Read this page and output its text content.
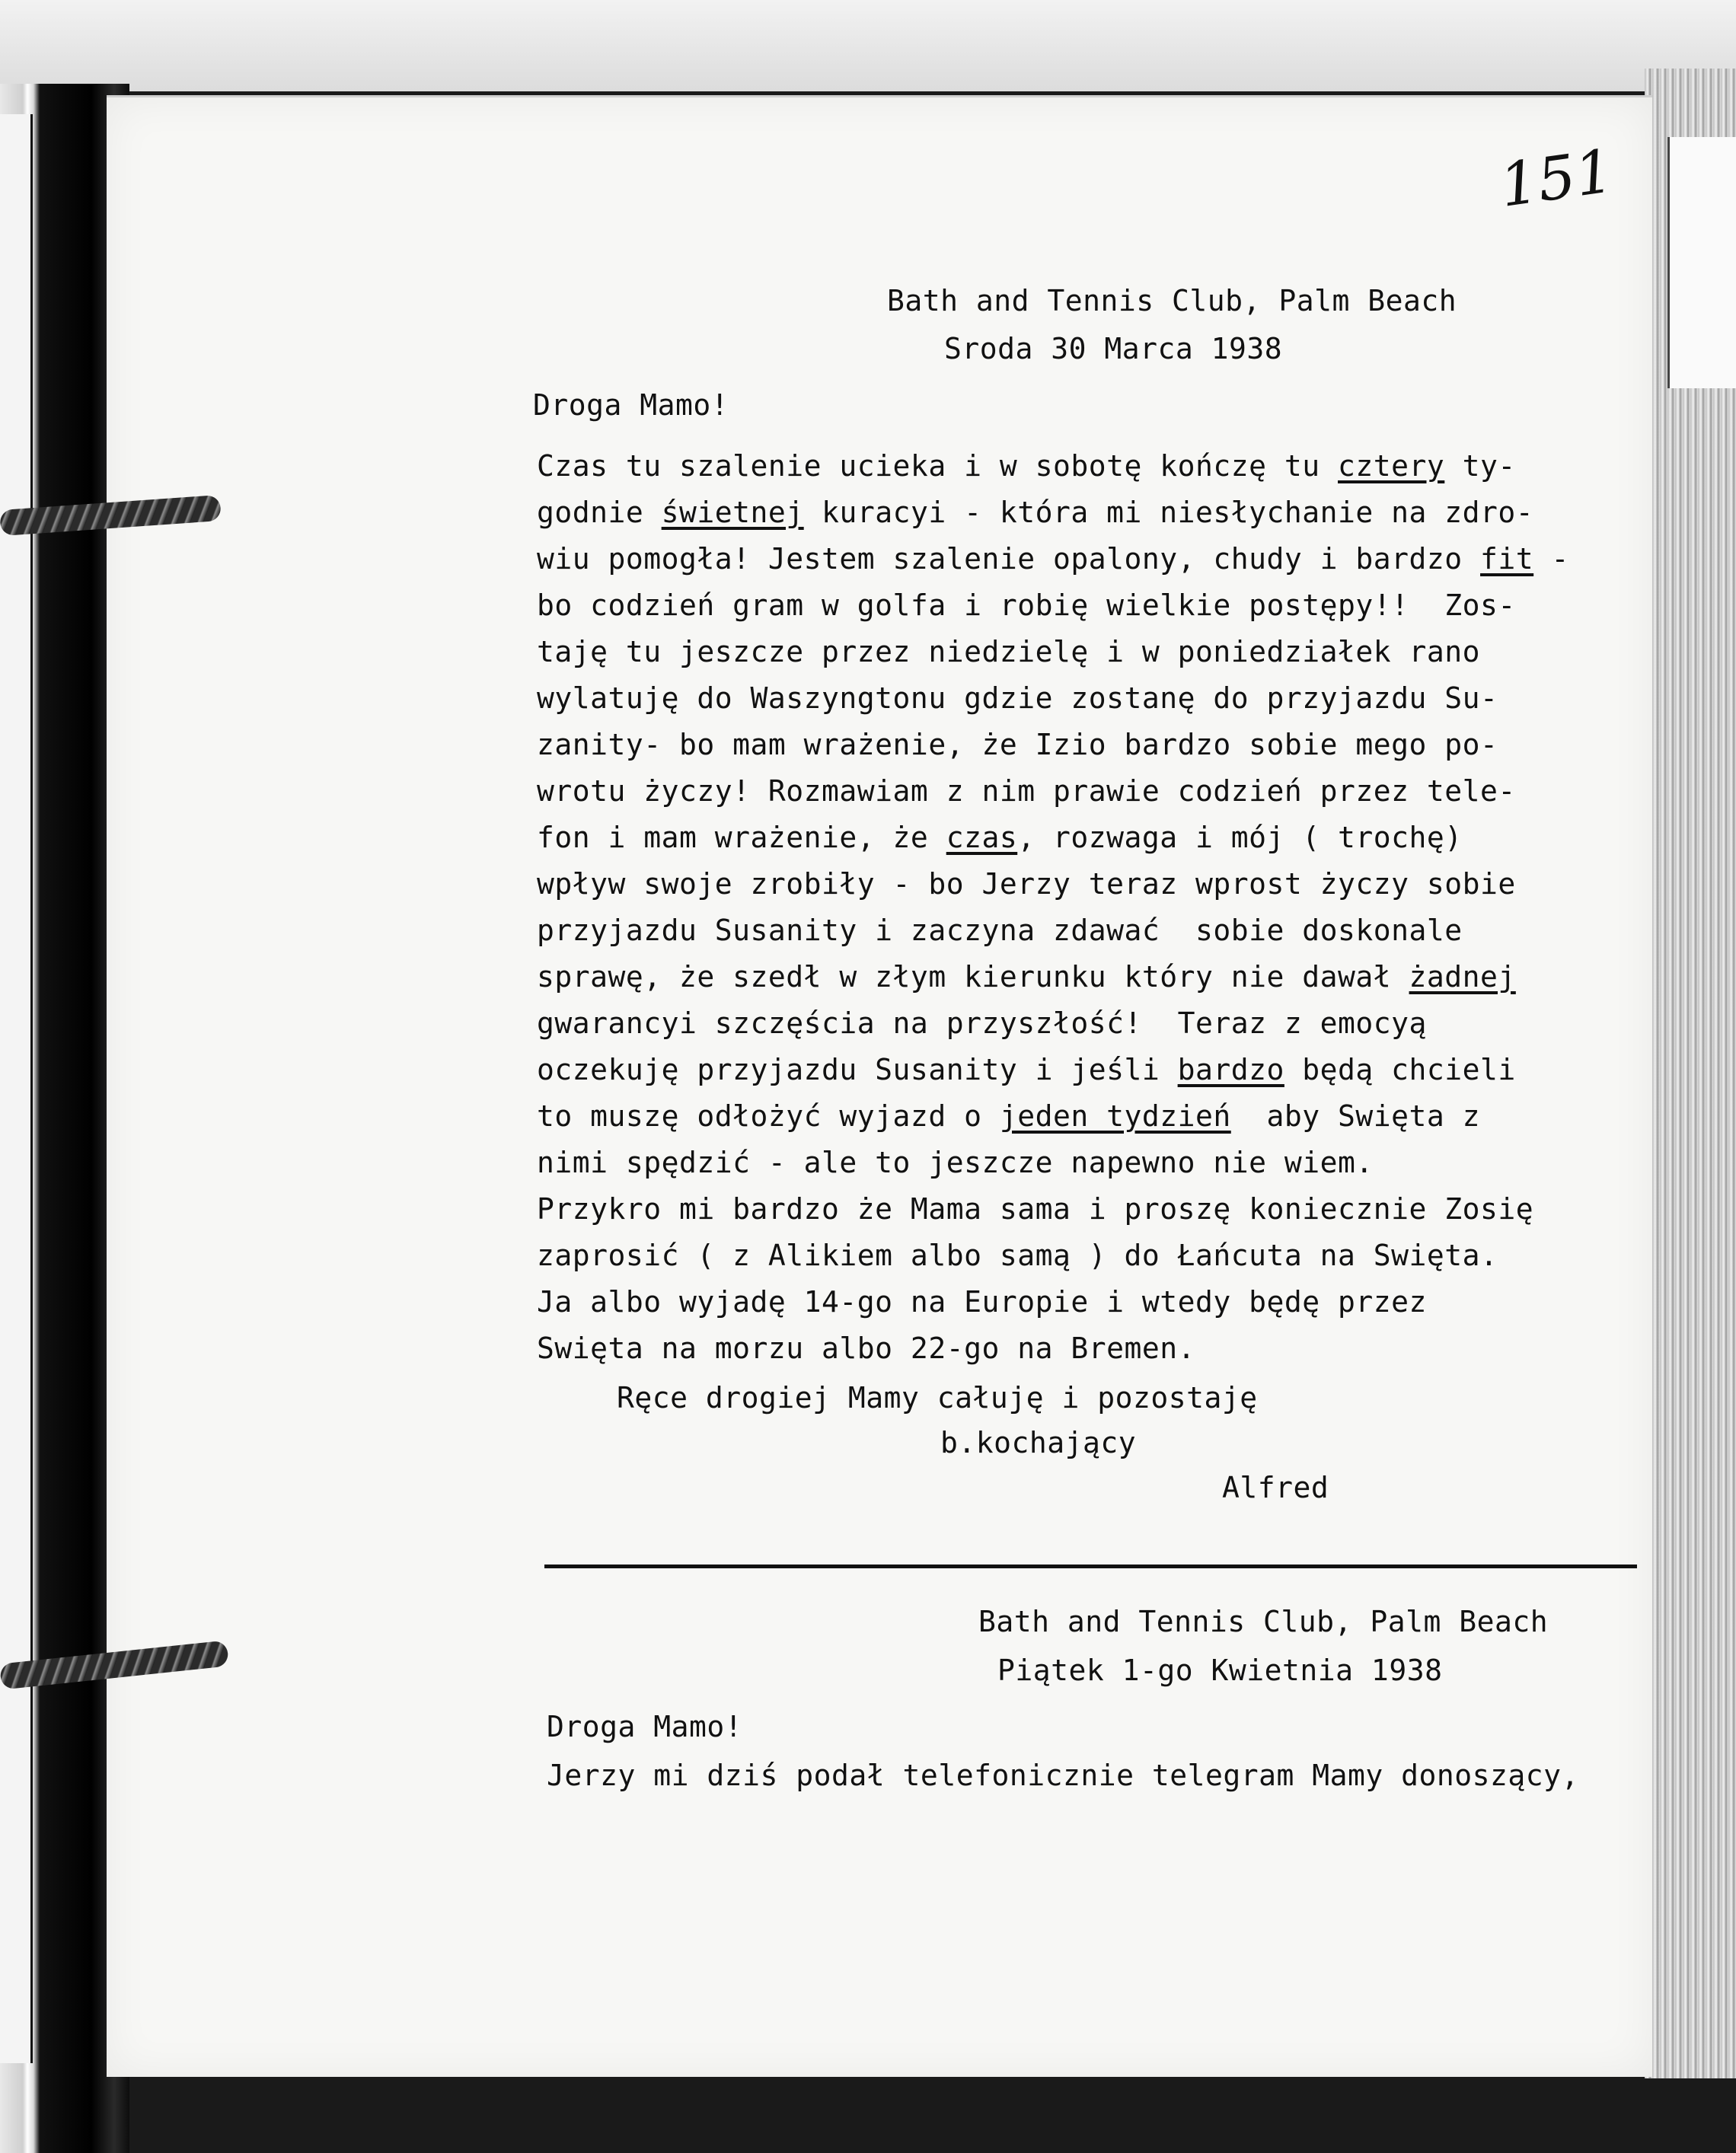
151

Bath and Tennis Club, Palm Beach

Sroda 30 Marca 1938

Droga Mamo!

Czas tu szalenie ucieka i w sobotę kończę tu cztery ty-

godnie świetnej kuracyi - która mi niesłychanie na zdro-

wiu pomogła! Jestem szalenie opalony, chudy i bardzo fit -

bo codzień gram w golfa i robię wielkie postępy!!  Zos-

taję tu jeszcze przez niedzielę i w poniedziałek rano

wylatuję do Waszyngtonu gdzie zostanę do przyjazdu Su-

zanity- bo mam wrażenie, że Izio bardzo sobie mego po-

wrotu życzy! Rozmawiam z nim prawie codzień przez tele-

fon i mam wrażenie, że czas, rozwaga i mój ( trochę)

wpływ swoje zrobiły - bo Jerzy teraz wprost życzy sobie

przyjazdu Susanity i zaczyna zdawać  sobie doskonale

sprawę, że szedł w złym kierunku który nie dawał żadnej

gwarancyi szczęścia na przyszłość!  Teraz z emocyą

oczekuję przyjazdu Susanity i jeśli bardzo będą chcieli

to muszę odłożyć wyjazd o jeden tydzień  aby Swięta z

nimi spędzić - ale to jeszcze napewno nie wiem.

Przykro mi bardzo że Mama sama i proszę koniecznie Zosię

zaprosić ( z Alikiem albo samą ) do Łańcuta na Swięta.

Ja albo wyjadę 14-go na Europie i wtedy będę przez

Swięta na morzu albo 22-go na Bremen.

Ręce drogiej Mamy całuję i pozostaję

b.kochający

Alfred

Bath and Tennis Club, Palm Beach

Piątek 1-go Kwietnia 1938

Droga Mamo!

Jerzy mi dziś podał telefonicznie telegram Mamy donoszący,
